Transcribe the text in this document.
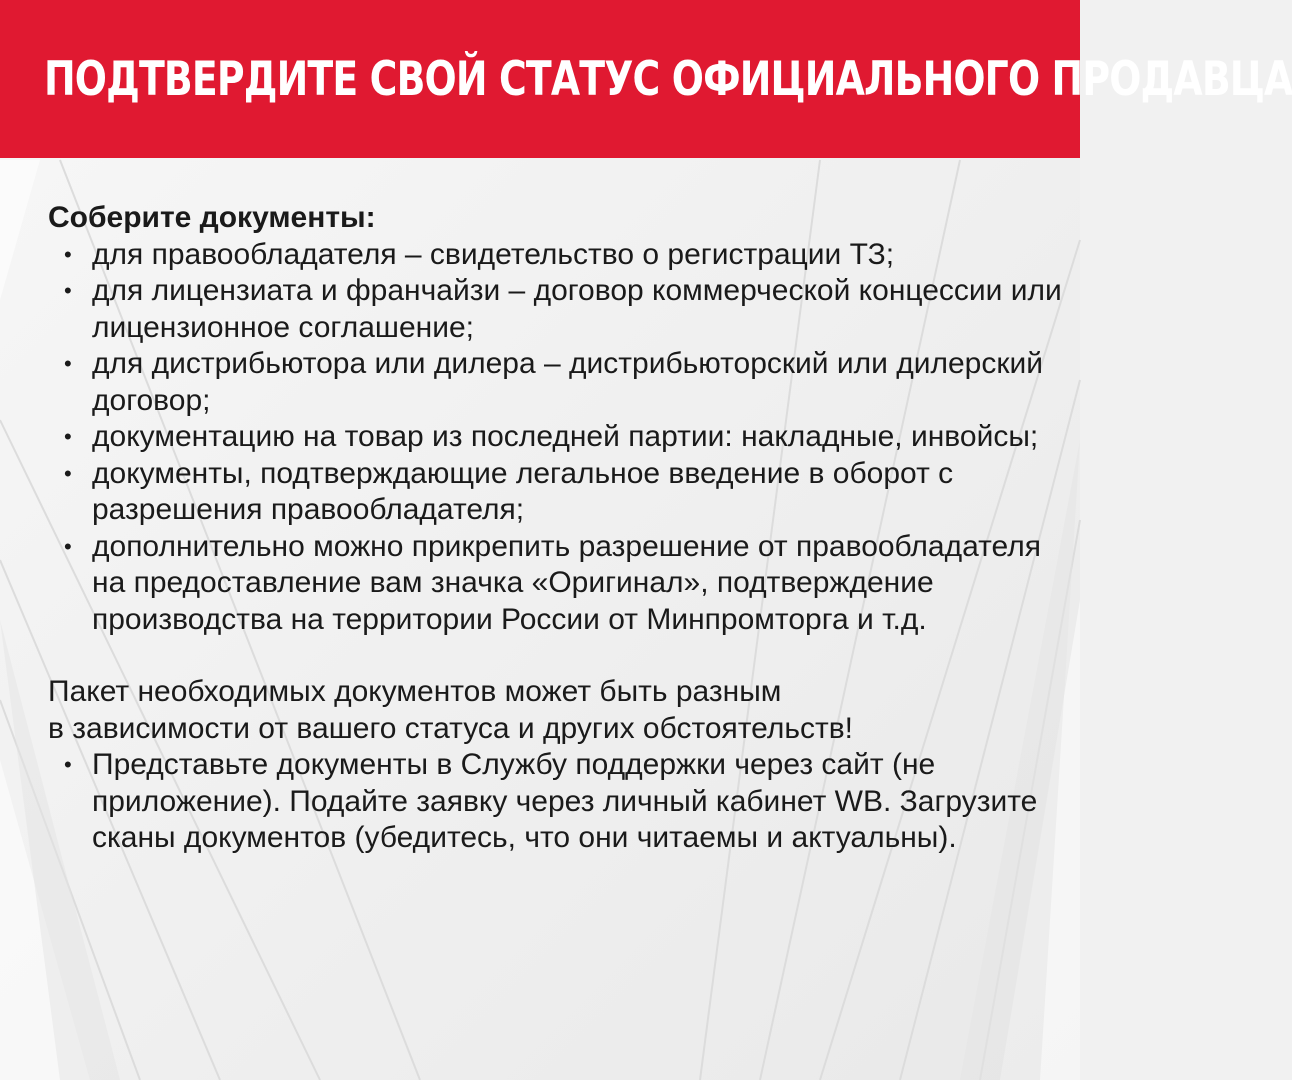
ПОДТВЕРДИТЕ СВОЙ СТАТУС ОФИЦИАЛЬНОГО ПРОДАВЦА
Соберите документы:
• для правообладателя – свидетельство о регистрации ТЗ;
• для лицензиата и франчайзи – договор коммерческой концессии или лицензионное соглашение;
• для дистрибьютора или дилера – дистрибьюторский или дилерский договор;
• документацию на товар из последней партии: накладные, инвойсы;
• документы, подтверждающие легальное введение в оборот с разрешения правообладателя;
• дополнительно можно прикрепить разрешение от правообладателя на предоставление вам значка «Оригинал», подтверждение производства на территории России от Минпромторга и т.д.

Пакет необходимых документов может быть разным
в зависимости от вашего статуса и других обстоятельств!

• Представьте документы в Службу поддержки через сайт (не приложение). Подайте заявку через личный кабинет WB. Загрузите сканы документов (убедитесь, что они читаемы и актуальны).
